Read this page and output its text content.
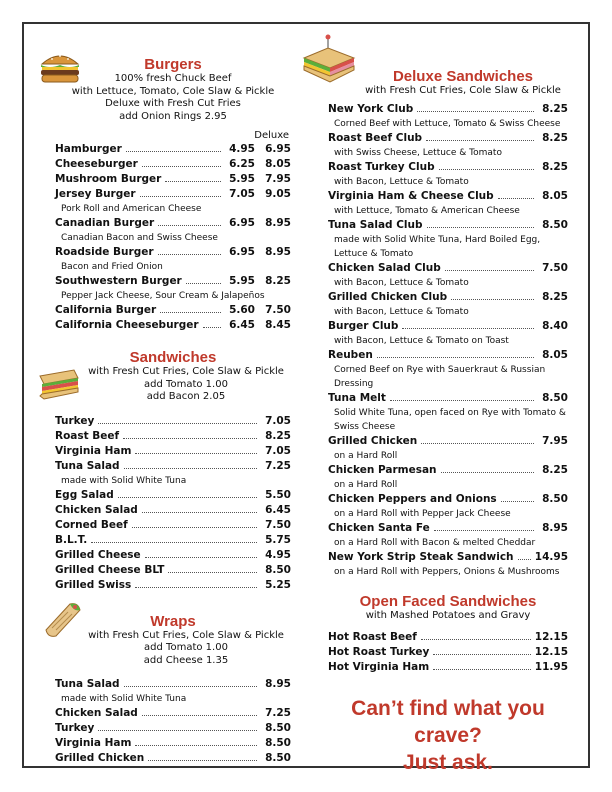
Burgers

100% fresh Chuck Beef
with Lettuce, Tomato, Cole Slaw & Pickle
Deluxe with Fresh Cut Fries
add Onion Rings 2.95

Deluxe
Hamburger	4.95 6.95
Cheeseburger	6.25 8.05
Mushroom Burger	5.95 7.95
Jersey Burger	7.05 9.05
Pork Roll and American Cheese
Canadian Burger	6.95 8.95
Canadian Bacon and Swiss Cheese
Roadside Burger	6.95 8.95
Bacon and Fried Onion
Southwestern Burger	5.95 8.25
Pepper Jack Cheese, Sour Cream & Jalapeños
California Burger	5.60 7.50
California Cheeseburger	6.45 8.45
Sandwiches

with Fresh Cut Fries, Cole Slaw & Pickle
add Tomato 1.00
add Bacon 2.05

Turkey	7.05
Roast Beef	8.25
Virginia Ham	7.05
Tuna Salad	7.25
made with Solid White Tuna
Egg Salad	5.50
Chicken Salad	6.45
Corned Beef	7.50
B.L.T.	5.75
Grilled Cheese	4.95
Grilled Cheese BLT	8.50
Grilled Swiss	5.25
Wraps

with Fresh Cut Fries, Cole Slaw & Pickle
add Tomato 1.00
add Cheese 1.35

Tuna Salad	8.95
made with Solid White Tuna
Chicken Salad	7.25
Turkey	8.50
Virginia Ham	8.50
Grilled Chicken	8.50
Deluxe Sandwiches

with Fresh Cut Fries, Cole Slaw & Pickle

New York Club	8.25
Corned Beef with Lettuce, Tomato & Swiss Cheese
Roast Beef Club	8.25
with Swiss Cheese, Lettuce & Tomato
Roast Turkey Club	8.25
with Bacon, Lettuce & Tomato
Virginia Ham & Cheese Club	8.05
with Lettuce, Tomato & American Cheese
Tuna Salad Club	8.50
made with Solid White Tuna, Hard Boiled Egg, Lettuce & Tomato
Chicken Salad Club	7.50
with Bacon, Lettuce & Tomato
Grilled Chicken Club	8.25
with Bacon, Lettuce & Tomato
Burger Club	8.40
with Bacon, Lettuce & Tomato on Toast
Reuben	8.05
Corned Beef on Rye with Sauerkraut & Russian Dressing
Tuna Melt	8.50
Solid White Tuna, open faced on Rye with Tomato & Swiss Cheese
Grilled Chicken	7.95
on a Hard Roll
Chicken Parmesan	8.25
on a Hard Roll
Chicken Peppers and Onions	8.50
on a Hard Roll with Pepper Jack Cheese
Chicken Santa Fe	8.95
on a Hard Roll with Bacon & melted Cheddar
New York Strip Steak Sandwich 14.95
on a Hard Roll with Peppers, Onions & Mushrooms
Open Faced Sandwiches

with Mashed Potatoes and Gravy

Hot Roast Beef	12.15
Hot Roast Turkey	12.15
Hot Virginia Ham	11.95
Can’t find what you crave?
Just ask.
